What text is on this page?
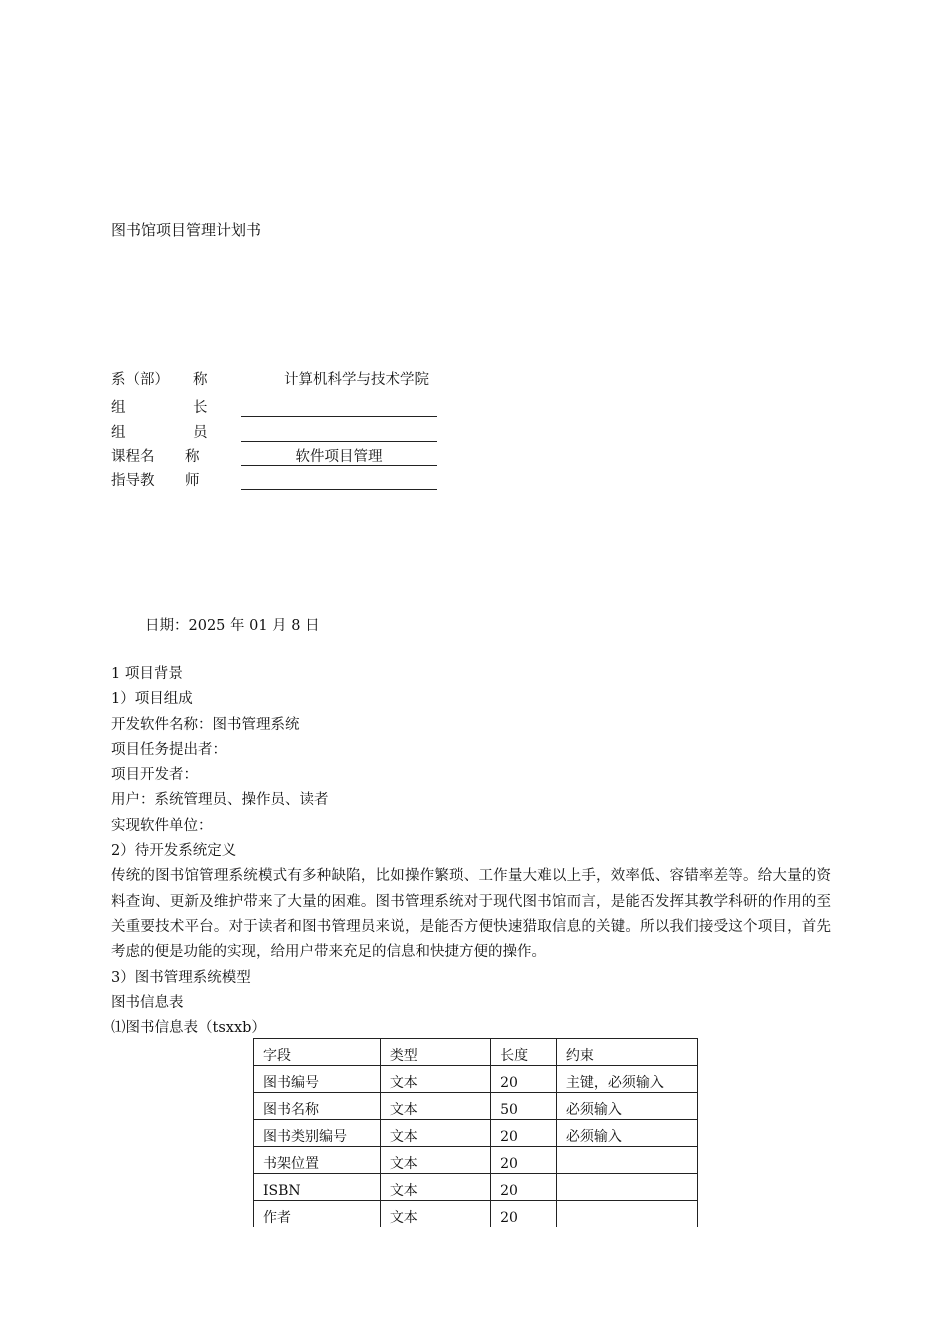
图书馆项目管理计划书
系（部） 称	计算机科学与技术学院
组	长
组	员
课程名 称	软件项目管理
指导教 师
日期：2025 年 01 月 8 日

1 项目背景

1）项目组成

开发软件名称：图书管理系统

项目任务提出者：

项目开发者：

用户：系统管理员、操作员、读者

实现软件单位：

2）待开发系统定义

传统的图书馆管理系统模式有多种缺陷，比如操作繁琐、工作量大难以上手，效率低、容错率差等。给大量的资料查询、更新及维护带来了大量的困难。图书管理系统对于现代图书馆而言，是能否发挥其教学科研的作用的至关重要技术平台。对于读者和图书管理员来说，是能否方便快速猎取信息的关键。所以我们接受这个项目，首先考虑的便是功能的实现，给用户带来充足的信息和快捷方便的操作。

3）图书管理系统模型

图书信息表

⑴图书信息表（tsxxb）

字段	类型	长度	约束
图书编号	文本	20	主键，必须输入
图书名称	文本	50	必须输入
图书类别编号	文本	20	必须输入
书架位置	文本	20	
ISBN	文本	20	
作者	文本	20	
